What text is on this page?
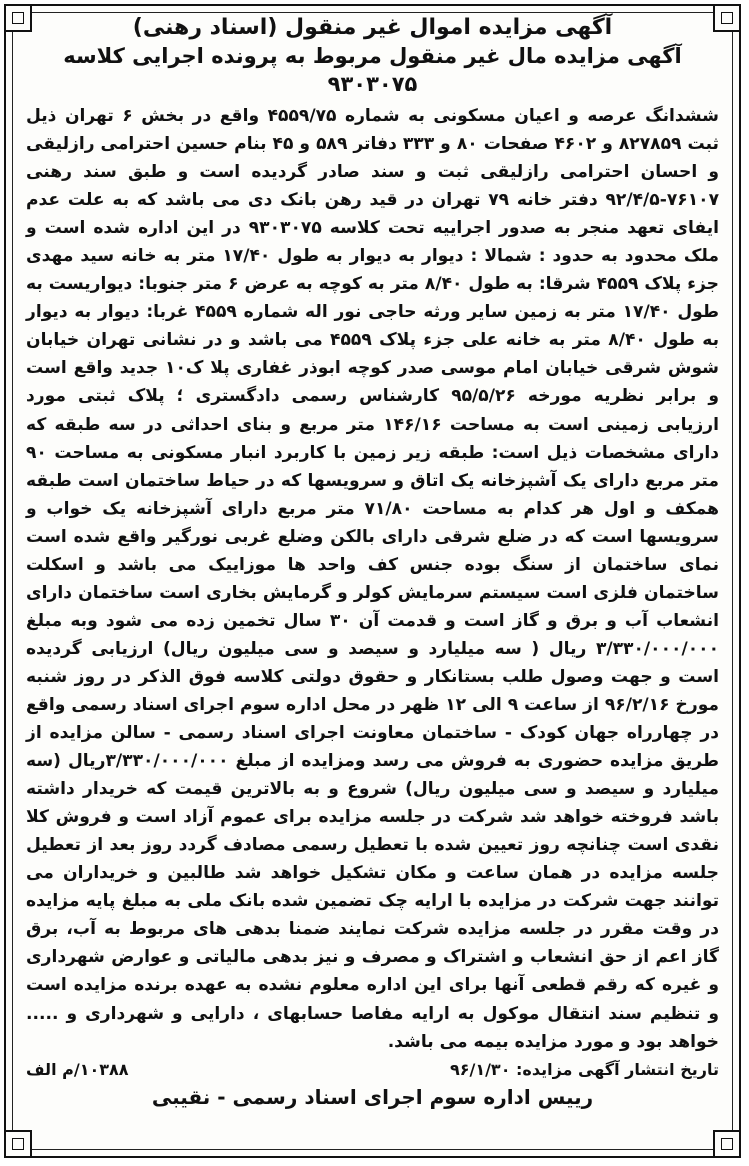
آگهی مزایده اموال غیر منقول (اسناد رهنی)
آگهی مزایده مال غیر منقول مربوط به پرونده اجرایی کلاسه ۹۳۰۳۰۷۵

ششدانگ عرصه و اعیان مسکونی به شماره ۴۵۵۹/۷۵ واقع در بخش ۶ تهران ذیل ثبت ۸۲۷۸۵۹ و ۴۶۰۲ صفحات ۸۰ و ۳۳۳ دفاتر ۵۸۹ و ۴۵ بنام حسین احترامی رازلیقی و احسان احترامی رازلیقی ثبت و سند صادر گردیده است و طبق سند رهنی ۷۶۱۰۷-۹۲/۴/۵ دفتر خانه ۷۹ تهران در قید رهن بانک دی می باشد که به علت عدم ایفای تعهد منجر به صدور اجراییه تحت کلاسه ۹۳۰۳۰۷۵ در این اداره شده است و ملک محدود به حدود : شمالا : دیوار به دیوار به طول ۱۷/۴۰ متر به خانه سید مهدی جزء پلاک ۴۵۵۹ شرقا: به طول ۸/۴۰ متر به کوچه به عرض ۶ متر جنوبا: دیواریست به طول ۱۷/۴۰ متر به زمین سایر ورثه حاجی نور اله شماره ۴۵۵۹ غربا: دیوار به دیوار به طول ۸/۴۰ متر به خانه علی جزء پلاک ۴۵۵۹ می باشد و در نشانی تهران خیابان شوش شرقی خیابان امام موسی صدر کوچه ابوذر غفاری پلا ک۱۰ جدید واقع است و برابر نظریه مورخه ۹۵/۵/۲۶ کارشناس رسمی دادگستری ؛ پلاک ثبتی مورد ارزیابی زمینی است به مساحت ۱۴۶/۱۶ متر مربع و بنای احداثی در سه طبقه که دارای مشخصات ذیل است: طبقه زیر زمین با کاربرد انبار مسکونی به مساحت ۹۰ متر مربع دارای یک آشپزخانه یک اتاق و سرویسها که در حیاط ساختمان است طبقه همکف و اول هر کدام به مساحت ۷۱/۸۰ متر مربع دارای آشپزخانه یک خواب و سرویسها است که در ضلع شرقی دارای بالکن وضلع غربی نورگیر واقع شده است نمای ساختمان از سنگ بوده جنس کف واحد ها موزاییک می باشد و اسکلت ساختمان فلزی است سیستم سرمایش کولر و گرمایش بخاری است ساختمان دارای انشعاب آب و برق و گاز است و قدمت آن ۳۰ سال تخمین زده می شود وبه مبلغ ۳/۳۳۰/۰۰۰/۰۰۰ ریال ( سه میلیارد و سیصد و سی میلیون ریال) ارزیابی گردیده است و جهت وصول طلب بستانکار و حقوق دولتی کلاسه فوق الذکر در روز شنبه مورخ ۹۶/۲/۱۶ از ساعت ۹ الی ۱۲ ظهر در محل اداره سوم اجرای اسناد رسمی واقع در چهارراه جهان کودک - ساختمان معاونت اجرای اسناد رسمی - سالن مزایده از طریق مزایده حضوری به فروش می رسد ومزایده از مبلغ ۳/۳۳۰/۰۰۰/۰۰۰ریال (سه میلیارد و سیصد و سی میلیون ریال) شروع و به بالاترین قیمت که خریدار داشته باشد فروخته خواهد شد شرکت در جلسه مزایده برای عموم آزاد است و فروش کلا نقدی است چنانچه روز تعیین شده با تعطیل رسمی مصادف گردد روز بعد از تعطیل جلسه مزایده در همان ساعت و مکان تشکیل خواهد شد طالبین و خریداران می توانند جهت شرکت در مزایده با ارایه چک تضمین شده بانک ملی به مبلغ پایه مزایده در وقت مقرر در جلسه مزایده شرکت نمایند ضمنا بدهی های مربوط به آب، برق گاز اعم از حق انشعاب و اشتراک و مصرف و نیز بدهی مالیاتی و عوارض شهرداری و غیره که رقم قطعی آنها برای این اداره معلوم نشده به عهده برنده مزایده است و تنظیم سند انتقال موکول به ارایه مفاصا حسابهای ، دارایی و شهرداری و ..... خواهد بود و مورد مزایده بیمه می باشد.

تاریخ انتشار آگهی مزایده: ۹۶/۱/۳۰
۱۰۳۸۸/م الف
رییس اداره سوم اجرای اسناد رسمی - نقیبی
